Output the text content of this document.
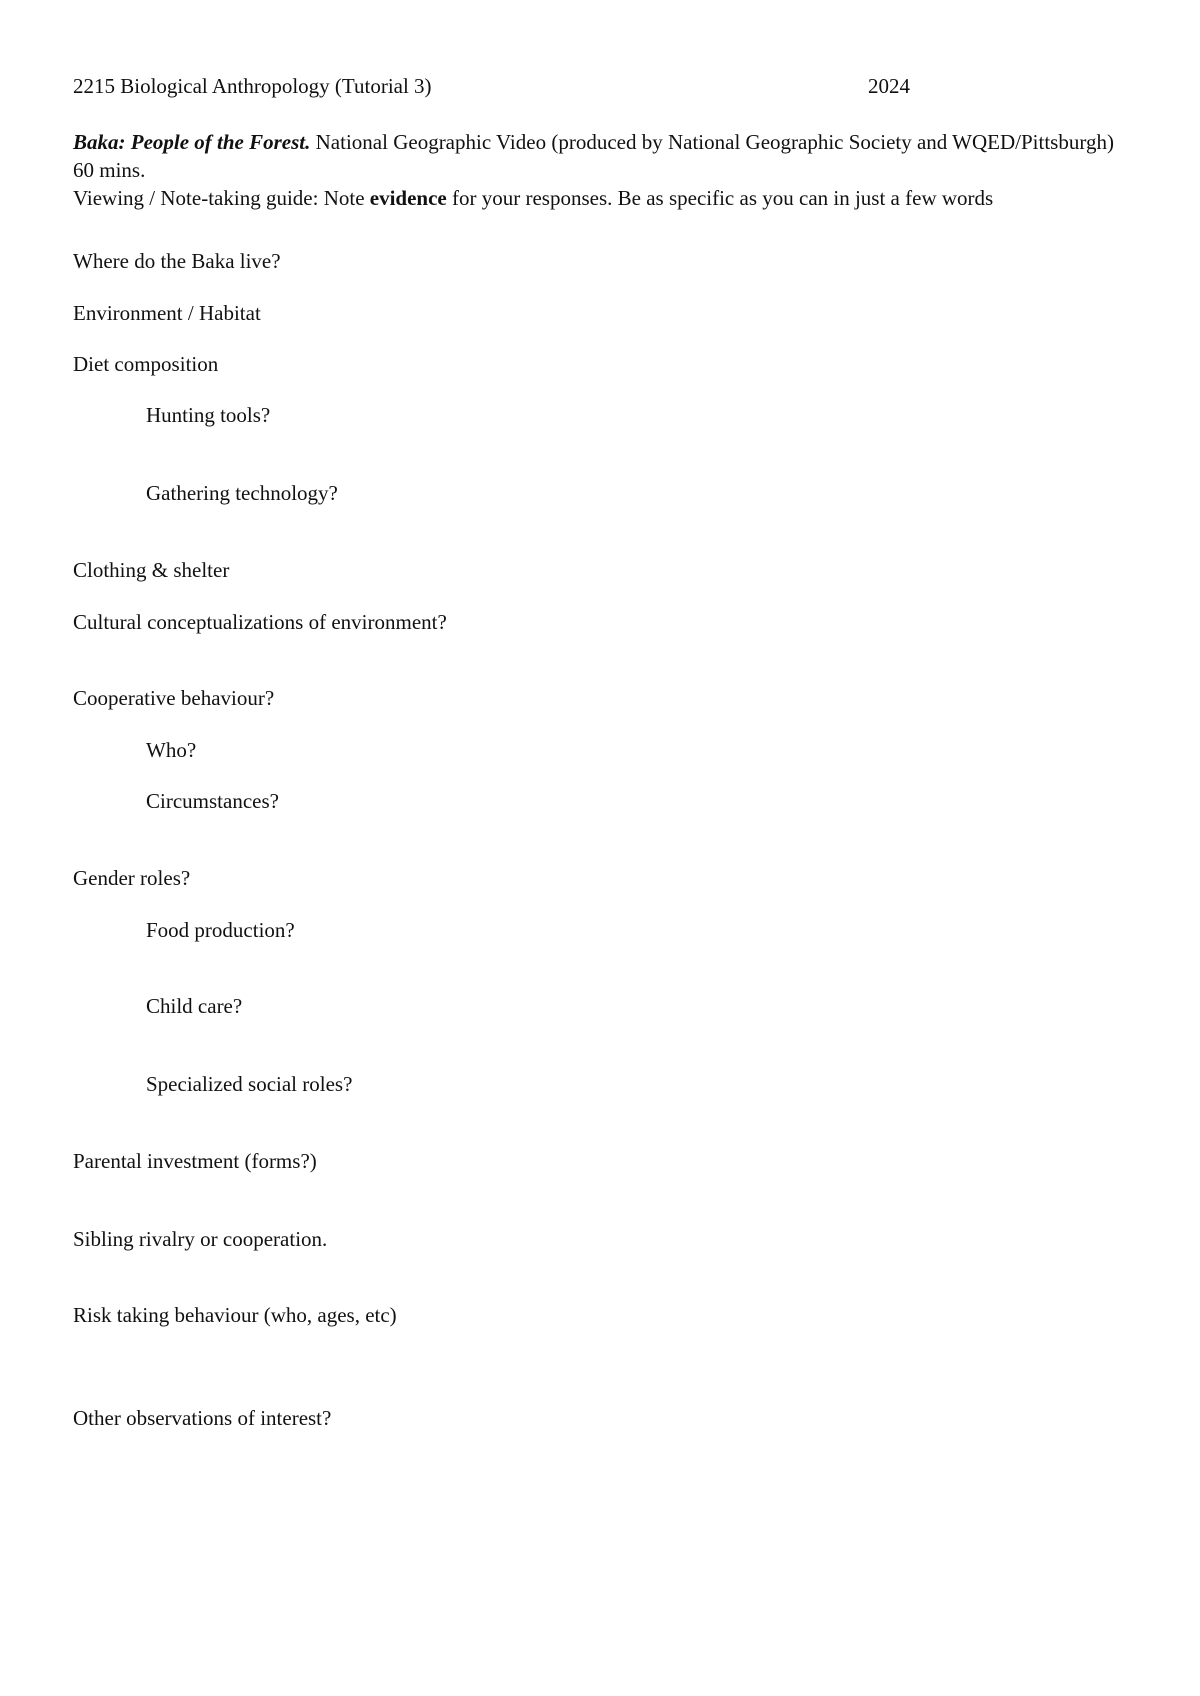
2215 Biological Anthropology (Tutorial 3)	2024

Baka: People of the Forest. National Geographic Video (produced by National Geographic Society and WQED/Pittsburgh) 60 mins.

Viewing / Note-taking guide: Note evidence for your responses. Be as specific as you can in just a few words

Where do the Baka live?
Environment / Habitat
Diet composition
Hunting tools?
Gathering technology?
Clothing & shelter
Cultural conceptualizations of environment?
Cooperative behaviour?
Who?
Circumstances?
Gender roles?
Food production?
Child care?
Specialized social roles?
Parental investment (forms?)
Sibling rivalry or cooperation.
Risk taking behaviour (who, ages, etc)
Other observations of interest?
